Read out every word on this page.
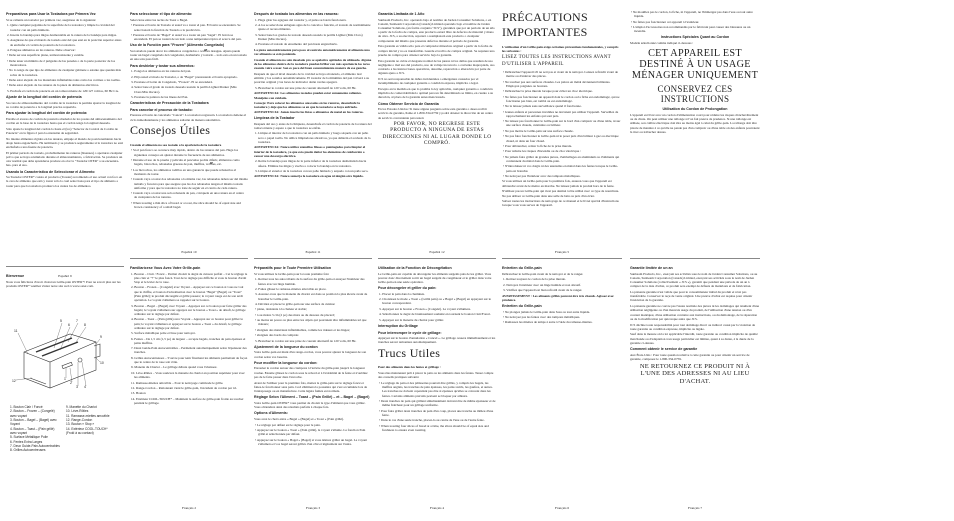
Preparativos para Usar la Tostadora por Primera Vez
Si se calienta un tostador por primera vez, asegúrese de lo siguiente:
1. Quite cualquier pegatina de la superficie de la tostadora y limpie la cavidad del tostador con un paño húmedo.
2. Inserte la bandeja para migas desmontable en la ranura de la bandeja para migas.
3. Asegúrese de que el mando de tostado esté del que esté en la posición superior antes de enchufar el cordón de potencia de la tostadora.
4. Póngase alimentos en las ranuras. Debe observar:
• Debe ser una superficie plana, termorresistente y estable.
• Debe tener un mínimo de 2 pulgadas de las paredes o de la parte posterior de los mostradores.
• No lo tenga de que tipo de alimentos de cualquier gabinete o estante que quedan más sobre de la tostadora.
• Debe estar alejado de los materiales inflamables tales como las cortinas o las toallas.
• Debe estar alejado de las ranuras de la pieza de alimentos eléctricos.
5. Enchufe el cordón de potencia en un tomacorriente de 120/127 voltios, 60 Hz CA.
Ajuste de la longitud del cordón de potencia
Su cono de almacenamiento del cordón de la tostadora le permite ajustar la longitud de su cordón de potencia a la longitud precisa requerida.
Para ajustar la longitud del cordón de potencia:
Enrolle el exceso de cordón de potencia alrededor de los postes del almacenamiento del cordón en la base de la tostadora hasta que el cordón tenga la longitud deseada.
Sólo ajuste la longitud del cordón lo hasta el (los) "Selector de Control de Cordón de Potencia" en la figura 2 para la extensión de seguridad.
No intente alimentos rígidos en las ranuras, empuje el mando de posicionamiento hacia abajo hasta engancharlo. Ha terminado y se produzca seguramente si la tostadora no está enchufada a una fuente de potencia.
El primer período de tostado, probablemente las ranuras (bisenses) o aperturas cualquier polvo que se haya acumulado durante el almacenamiento, o fabricación. Se produzca un olor normal que debe aprenderse produce en olor la "Tostador OTER" a su encuentra- has- para el uso.
Usando la Característica de Seleccionar el Alimento
Su Tostador OSTER* consta el producto (Toaster) recomiendo el uso actual con foco en la cara de alimento que está y tostar sólo lo cual selecciona para el tipo de alimento a tostar para que la tostadora produzca los cuales los de alimentos.
Español 9
Bienvenue
Nous vous félicitons d'avoir choisi un Grille-pain OSTER*! Pour ne savoir plus sur les produits OSTER* veuillez visiter notre site web à www.oster.com.
11
5
6
7
8
9
10
12	1
2
3 4
1. Bouton Clair / Foncé
2. Bouton – Frozen – (Congelé) avec voyant
3. Bouton – Bagel – (Bagel) avec Voyant
4. Bouton – Toast – (Pain grillé) avec voyant
5. Surface Métallique Polie
6. Fentes Extra Larges
7. Deux Guide-Pain Autocentrables
8. Grilles Autocentreuses
9. Manette du Chariot
10. Lève-Rôties
11. Ramasse-miettes amovible
12. Range-Cordon
13. Bouton « Stop »
14. Extérieur COOL-TOUCH*
(Froid à au contact)
Para seleccionar el tipo de alimento:
Seleccione entre las teclas de Toast o Bagel.
• Presione el botón de Tostado si usted va a tostar el pan. El botón se encenderá. Se seleccionará la función de Tostado a la predicción.
• Presione el botón de "Bagel" si usted va a tostar un pan "bagel". El botón se encenderá. El pan se tostará de un lado a una temperatura típica al acerca del pan.
Uso de la Función para "Frozen" (Alimento Congelado)
Su tostadora puede dorar los alimentos congelados o waﬄes desagua. Ajusta puede tostar un bagel congelado del congelador, deshielarlo y tostarlo – todo esto en un tostado en una sola pasa fácil.
Para deshielar y tostar sus alimentos:
1. Ponga los alimentos en las ranuras del pan.
2. Elija usted el modo de Tostador, o de "Bagel" presionando el botón apropiado.
3. Presione el botón de Congelado, "Frozen". El se encenderá.
4. Seleccione el grado de tostado deseado usando la perilla Lighter/Darker (Más Claro/Más Oscuro).
5. Presione la palanca de las líneas del Pan.
Características de Precaución de la Tostadora
Para cancelar el proceso de tostado:
Presione el botón de cancelado "Cancel". La tostadora regresará. La tostadora detiene el ciclo inmediatamente y los alimentos saltarán de manera automática.
Consejos Útiles
Cuando el alimento no sea tostado a la apariencia de la tostadora
• Si el pan fresco se oscurece muy rápido, dentro de las ranuras del pan. Haga los siguientes consejos en ajustar durante la frecuencia de sus alimentos.
• Durante el uso de la prueba y película el pan/salsa podría diferir, alimentos como bagels, bizcochos, rebanadas gruesas de pan, muffins, waﬄes, etc.
• Los bizcochos, los alimentos rodillos en una ganancia que puede rebanarlos al momento de tostar.
• Cuando vaya a tostar dos rebanadas a la misma vez, las rebanadas deben ser del mismo tamaño y frescura para que asegure que las dos rebanadas tengan el mismo tostado uniforme y para que la tostadora no trate de seguir en el centro de cada ranura.
• Cuando vaya a tostar una sola rebanada de pan, colóquela en una ranura en el centro de cualquiera de las ranuras.
• When toasting a thin slice of bread or a toast, the slice should be of equal size and brown consistency of a small bagel.
Español 10
Familiarícese Vous Avec Votre Grille-pain
1. Bouton – Clair / Foncé – Permet choisir le degré de cuisson parfait – Cet le réglage le plus clair et "7" le plus foncé. Tout de le réglage pas difficile si vous le bouton d'arrêt Stop et le levier de la roue.
2. Bouton – Frozen – (Congelé) avec Voyant – Appuyez sur ce bouton si vous ne voit que le chiffre, et bouton d'actualisation avec le bouton "Bagel" (Bagel) ou "Toast" (Pain grillé); le produit décongélé et grillé passera; le voyant rouge est de son arrêt opération. Le voyant s'allumera se rappeler sur le bouton.
3. Bouton – Bagel – (Bagel) avec Voyant – Appuyez sur ce bouton pour faire griller des bagels; le voyant s'allumera sur appuyez sur le bouton « Toast » de désaft, le grillage ordinaire sur le réglage par défaut.
4. Bouton – Toast – (Pain grillé) avec Voyant – Appuyez sur ce bouton pour griller le pain; le voyant s'allumera et appuyez sur le bouton « Toast » du désaft, le grillage ordinaire sur le réglage par défaut.
5. Surface métallique polie et lisse pour nettoyer.
6. Fentes – De 1,5 cm (1,5 po) de largeur – accepte bagels, tranches de pain épaisses et pains muffins.
7. Deux Guide-Pain Autocentrables – Permettent automatiquement selon l'épaisseur des tranches.
8. Grilles Autocentreuses – S'ouvre pour tenir fixement les aliments permettant de façon que le centre de la roue soit rôtie.
9. Manette du Chariot – Le grillage débute quand vous l'abaissez.
10. Lève-Rôties – Vous soulevez la manette du chariot en position supérieur pour avec les aliments.
11. Ramasse-miettes amovible – Pour le nettoyage commode le grille.
12. Range-Cordon – Rationnant vient le grille-pain, l'excédent de cordon par ici.
13. Bouton
14. Extérieur COOL-TOUCH* – Maintient la surface de grille-pain froide au toucher pendant le grillage.
Français 2
Después de tostado los alimentos en las ranuras:
1. Haga girar las agaguas del tostador y, al pulsa su botón funcionará.
2. A los se seleccione enlaguas agua de lo cancela o función, el tostado de normalmente ajuste el reconocimiento.
3. Seleccione los grados de tostado deseado usando la perilla Lighter (Más Claro) Darker (Más Oscuro).
4. Presione el tostado de ensamento del pan hasta engancharlo.
La pieza automáticamente para poco al controlo automáticamente al alimento una vez alimento se está poniendo.
Cuando el alimento no sale dasalado pro se apelativo aptitudes de ultimado. Alguna de los alimentos dentro de la tostadora puedan brillar con más apariencia los toros cuando vaire a usar. Son es poca del buen consumimiento manera de ese gancho.
Después de que el nivel deseado de la cavidad se haya alcanzado, el alimento leal emitido y los sonidos automáticamente. El tostador de la minimiza del pan volverá a su posición original y las luces de indicador darán verdes apagará.
5. Branchez le cordon sur une prise de courant alternatif de 120 volts, 60 Hz.
ADVERTENCIA: Los alimentos tostados pueden estar sumamente calientes. Manéjelos con cuidado.
Consejo: Para colocar los alimentos atascados en las ranuras, desenchufe la tostadora y deje que los alimentos se en que la tostadora se haya enfriado. ADVERTENCIA: Jamás inserte las listas o alimentos de metal en las ranuras.
Limpieza de la Tostador
Después del uso y antes de la limpieza, desenchufe el cordón de potencia de la ranura del tomacorriente y espere a que la tostadora se enfríe.
1. Limpie el interior de la tostadora con un paño húmedo y luego séquela con un paño seco o papel toalla. No utilice limpiadores abrasivos, ya que dañarán el acabado de la tostadora.
ADVERTENCIA: Nunca utilice utensilios filosos o puntiagudos para limpiar el interior de la tostadora, ya que esto puede dañar los elementos de calefacción o causar una descarga eléctrica.
2. Retire la bandeja para migas de la parte inferior de la tostadora deslizándola hacia afuera. Elimine las migas y vuelva a colocar la bandeja en la tostadora.
3. Limpie el exterior de la tostadora con un paño húmedo y séquelo con un paño seco.
ADVERTENCIA: Nunca sumerja la tostadora en agua ni ningún otro líquido.
Español 11
Préparatifs pour le Toute Première Utilisation
Si vous utilisez le Grille-pain pour la toute première fois:
1. Retirez tous les autocollants de la surface du grille-pain et essuyez l'intérieur des fentes avec un linge humide.
2. Faites glisser le ramasse-miettes amovible en place.
3. Assurez-vous que la manette du chariot est dans sa position la plus élevée avant de brancher le Grille-pain.
4. Dévidez et placez le grille-pain sur une surface de cuisine:
• plane, résistante à la chaleur et stable;
• à au moins 5 cm (2 po) des murs ou du dessous du placard;
• au moins un pouce ou plus entre les objets qui pourraient être inflammables tel que rideaux;
• éloignée des matériaux inflammables, comme les rideaux et les linges;
• éloignée des bords du comptoir.
5. Branchez le cordon sur une prise de courant alternatif de 120 volts, 60 Hz.
Ajustement de la longueur du cordon
Votre Grille-pain est muni d'un range-cordon, vous pouvez ajuster la longueur de son cordon selon vos besoins.
Pour modifier la longueur du cordon:
Enroulez le cordon autour des crampons à l'arrière du grille-pain jusqu'à la longueur voulue. Ensuite glissez le cordon sous le rebord et à l'extrémité de la fente et n'oubliez pas de le faire passer dans l'encoche.
Avant de l'utiliser pour la première fois, mettez le grille-pain sur le réglage foncé et faites-le fonctionner sans pain. Ceci éliminera la poussière qui s'est accumulée lors de l'entreposage ou en manufacture. Cette légère fumée est normale.
Réglage Selon l'Aliment – Toast – (Pain Grillé) – et – Bagel – (Bagel)
Votre Grille-pain OSTER* vous permet de choisir le type d'aliment que vous grillez. Vous obtiendrez ainsi des résultats parfaits à chaque fois.
Options d'Aliments:
Vous avez le choix entre « Bagel » (Bagel) et « Toast » (Pain grillé).
• Le réglage par défaut est le réglage pour le pain.
• Appuyez sur le bouton « Toast » (Pain grillé), le voyant s'allume. La fonction Pain grillé et sélectionnée par défaut.
• Appuyez sur le bouton « Bagel » (Bagel) si vous désirez griller un bagel. Le voyant s'allumera et vos bagel seront grillés d'un côté et légèrement sur l'autre.
Français 3
Garantía Limitada de 1 Año
Sunbeam Products, Inc. operando bajo el nombre de Jarden Consumer Solutions, o en Canadá, Sunbeam Corporation (Canada) Limited operando bajo el nombre de Jarden Consumer Solutions, (en forma conjunta "JCS"), garantiza que por un período de un año a partir de la fecha de compra, este producto estará libre de defectos de material y mano de obra. JCS, a su elección, reparará o reemplazará este producto o cualquier componente del mismo que presente defectos durante el período de garantía.
Esta garantía es válida sólo para el comprador minorista original a partir de la fecha de compra inicial y no es transferible. Guarde el recibo de compra original. Se requiere una prueba de compra para obtener servicio bajo la garantía.
Esta garantía no cubre el desgaste normal de las piezas ni los daños que resulten de uso negligente o mal uso del producto, uso de voltaje incorrecto o corriente inapropiada, uso contrario a las instrucciones operativas, desarme, reparación o alteración por parte de alguien ajeno a JCS.
JCS no será responsable de daños incidentales o emergentes causados por el incumplimiento de cualquier garantía o condición expresa, implícita o legal.
Excepto en la medida en que lo prohíba la ley aplicable, cualquier garantía o condición implícita de comerciabilidad o aptitud para un fin determinado se limita, en cuanto a su duración, al plazo de la garantía antes mencionada.
Cómo Obtener Servicio de Garantía
En los Estados Unidos: Si tiene alguna pregunta sobre esta garantía o desea recibir servicio de garantía, llame al 1-800-334-0759 y podrá obtener la dirección de un centro de servicio conveniente para usted.
POR FAVOR, NO REGRESE ESTE PRODUCTO A NINGUNA DE ESTAS DIRECCIONES NI AL LUGAR DONDE LO COMPRÓ.
Español 12
Utilisation de la Fonction de Décongélation
Le Grille-pain est capable de décongeler les aliments surgelés puis de les griller. Vous pouvez donc directement sortir un bagel surgelé du congélateur et le griller dans votre Grille-pain en une seule opération.
Pour décongeler et griller du pain:
1. Placez le pain dans la cheminée.
2. Choisissez le mode « Toast » (Grillé pain) ou « Bagel » (Bagel) en appuyant sur le bouton correspondant.
3. Appuyez sur le bouton « Frozen » (Congelé). Le voyant s'allumera.
4. Sélectionnez le degré de brunissement souhaité en tournant le bouton Clair/Foncé.
5. Appuyez sur la manette du chariot pour griller.
Interruption du Grillage
Pour interrompre le cycle de grillage:
Appuyez sur le bouton d'annulation « Cancel ». Le grillage cessera immédiatement et les tranches seront remontées automatiquement.
Trucs Utiles
Pour des aliments dans les fentes et grillage :
Vous êtes maintenant prêt à placer le pain ou les aliments dans les fentes. Tenez compte des conseils pratiques suivants:
• Le réglage du pain et des pâtisseries pourrait être grillés, y compris les bagels, les muffins anglais, les tranches de pain épaisses, les pains swirls, les gaufres, et autres. Les tranches ne doivent cependant pas être si épaisses qu'elles se coincent dans les fentes. Certains aliments précuits peuvent se bloquer par ailleurs.
• Deux tranches de pain qui grillent simultanément doivent être de même épaisseur et de même fraîcheur pour un grillage uniforme.
• Pour faire griller deux tranches de pain d'un coup, placez une tranche au milieu d'une fente.
• Dans le cas d'une seule tranche, placez-la au centre de l'une ou de l'autre fente.
• When toasting four slices of bread at a time, the slices should be of equal size and freshness to ensure even toasting.
Français 4
PRÉCAUTIONS IMPORTANTES
L'utilisation d'un Grille-pain exige certaines précautions fondamentales, y compris les suivantes :
LISEZ TOUTES LES INSTRUCTIONS AVANT D'UTILISER L'APPAREIL
• Débranchez l'appareil s'il ne sert pas et avant de le nettoyer. Laissez refroidir avant de mettre ou d'enlever des pièces.
• Ne touchez pas aux surfaces chaudes. Les pièces en métal deviennent brûlantes. Employez poignées ou boutons.
• Débranchez la prise murale lorsque pour éviter un choc électrique.
• Ne faites pas fonctionner un appareil dont le cordon ou la fiche est endommagé, qui ne fonctionne pas bien, est tombé ou est endommagé.
• Ne le laissez jamais sans surveillance quand il fonctionne.
• Jeunes enfants et personnes invalides ne devraient pas utiliser l'appareil. Surveillez de rapprochement les enfants qui sont près.
• Ne laissez pas fonctionner le Grille-pain sur le bord d'un comptoir ou d'une table, ni sur une surface chaude, cuisinière ou brûleur.
• Ne pas mettre le Grille-pain sur une surface chaude.
• Ne pas faire fonctionner le Grille-pain ni le poser près d'un brûleur à gaz ou électrique chaud, ni dans un four chaud.
• Pour débrancher, retirer la fiche de la prise murale.
• Pour réduire les risques d'incendie ou de choc électrique :
• Ne jamais faire griller de grandes pièces, d'emballages en aluminium ou d'aliments qui contiennent du métal dans le Grille-pain.
• N'introduisez ni vos doigts ni des ustensiles en métal dans les fentes lorsque le Grille-pain est branché.
• Ne nettoyez pas l'intérieur avec des tampons métalliques.
Si vous utilisez un Grille-pain pour la première fois, assurez-vous que l'appareil est débranché avant de le mettre en marche. Ne laissez jamais le produit hors de la fente.
N'utilisez pas un Grille-pain qui n'est pas destiné à être utilisé avec ce type de nourriture. Ne pas utiliser ce Grille-pain dans une salle de bain ou près d'un évier.
Suivez toutes les instructions de nettoyage de ce manuel et le livret spécial d'instructions lorsque vous vous servez de l'appareil.
Français 5
Entretien du Grille-pain
Débranchez le Grille-pain avant de le nettoyer et de le ranger.
1. Retirez toujours le cordon de la prise murale.
2. Nettoyez l'extérieur avec un linge humide et non abrasif.
3. Vérifiez que l'appareil est bien refroidi avant de le ranger.
AVERTISSEMENT : Les aliments grillés peuvent être très chauds. Agissez avec prudence.
Entretien du Grille-pain
• Ne plongez jamais le Grille-pain dans l'eau ou tout autre liquide.
• Ne nettoyez pas les fentes avec des tampons métalliques.
• Ramassez les miettes de temps à autre à l'aide du ramasse-miettes.
Français 6
• Ne mouillez pas le cordon, la fiche, ni l'appareil, ne l'immergez pas dans l'eau ou tout autre liquide.
• Ne faites pas fonctionner cet appareil à l'extérieur.
• L'emploi d'accessoires non recommandés par le fabricant peut causer des blessures ou un incendie.
Instructions Spéciales Quant au Cordon
Modèle sélectionné comme indiqué ci-dessous :
CET APPAREIL EST DESTINÉ À UN USAGE MÉNAGER UNIQUEMENT
CONSERVEZ CES INSTRUCTIONS
Utilisation du Cordon de Prolongation
L'appareil est livré avec un cordon d'alimentation court pour réduire les risques d'enchevêtrement ou de chute. On peut utiliser une rallonge si l'on fait preuve de prudence. Si une rallonge est utilisée, son calibre électrique doit être au moins égal à celui du grille-pain. La rallonge doit être placée de manière à ce qu'elle ne pende pas d'un comptoir ou d'une table où des enfants pourraient la tirer ou trébucher dessus.
Garantie limitée de un an
Sunbeam Products, Inc., exerçant ses activités sous le nom de Jarden Consumer Solutions, ou au Canada, Sunbeam Corporation (Canada) Limited, exerçant ses activités sous le nom de Jarden Consumer Solutions (collectivement « JCS »), garantit que pendant une période de un an à compter de la date d'achat, ce produit sera exempt de défauts de matériaux et de fabrication.
La présente garantie n'est valide que pour le consommateur initial du produit et n'est pas transférable. Conserver le reçu de vente original. Une preuve d'achat est requise pour obtenir l'exécution de la garantie.
La présente garantie ne couvre pas l'usure normale des pièces ni les dommages qui résultent d'une utilisation négligente ou d'un mauvais usage du produit, de l'utilisation d'une tension ou d'un courant inadéquat, d'une utilisation contraire aux instructions, ou du démontage, de la réparation ou de la modification par quiconque autre que JCS.
JCS décline toute responsabilité pour tout dommage direct ou indirect causé par la violation de toute garantie ou condition expresse, implicite ou légale.
Sauf dans la mesure où la loi applicable l'interdit, toute garantie ou condition implicite de qualité marchande ou d'adaptation à un usage particulier est limitée, quant à sa durée, à la durée de la garantie ci-dessus.
Comment obtenir le service de garantie
Aux États-Unis : Pour toute question relative à cette garantie ou pour obtenir un service de garantie, composez le 1-800-334-0759.
NE RETOURNEZ CE PRODUIT NI À L'UNE DES ADRESSES NI AU LIEU D'ACHAT.
Français 7
